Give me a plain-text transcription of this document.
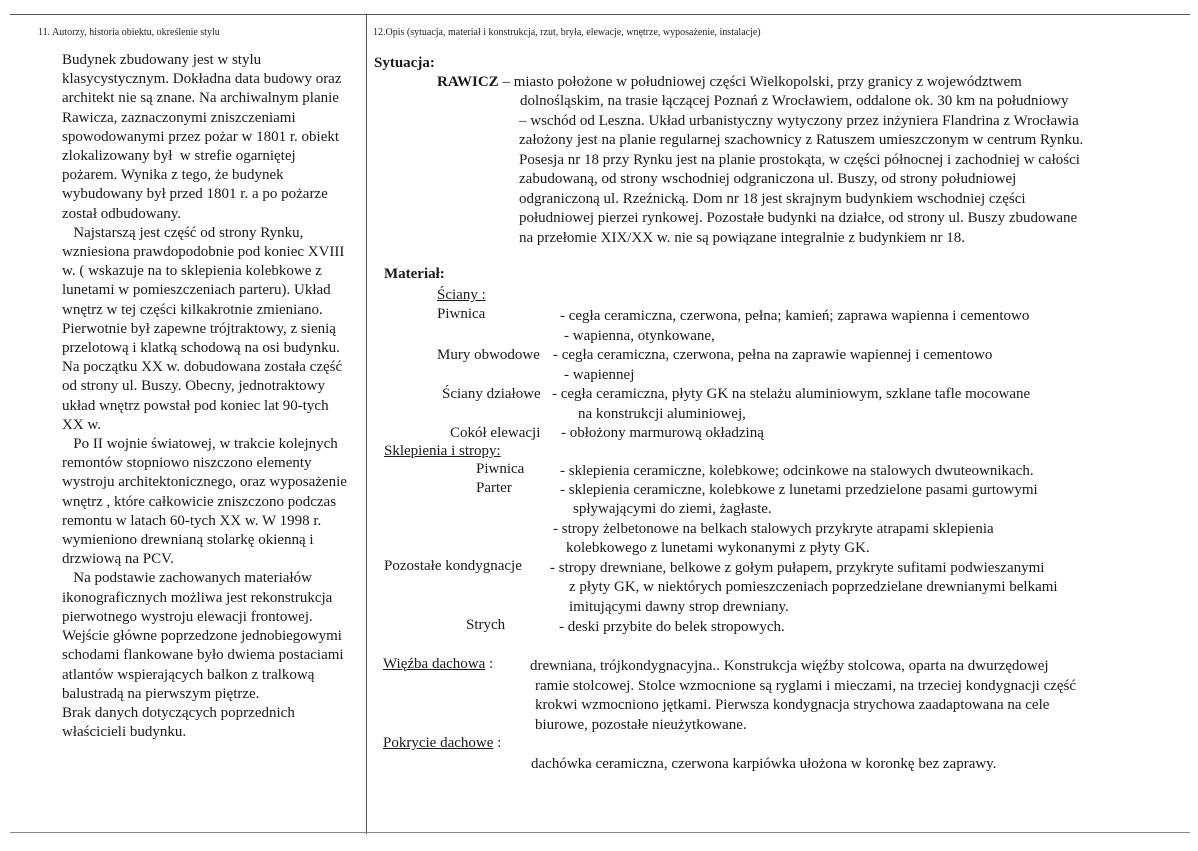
11. Autorzy, historia obiektu, określenie stylu	12.Opis (sytuacja, materiał i konstrukcja, rzut, bryła, elewacje, wnętrze, wyposażenie, instalacje)
Budynek zbudowany jest w stylu
klasycystycznym. Dokładna data budowy oraz
architekt nie są znane. Na archiwalnym planie
Rawicza, zaznaczonymi zniszczeniami
spowodowanymi przez pożar w 1801 r. obiekt
zlokalizowany był  w strefie ogarniętej
pożarem. Wynika z tego, że budynek
wybudowany był przed 1801 r. a po pożarze
został odbudowany.
Najstarszą jest część od strony Rynku,
wzniesiona prawdopodobnie pod koniec XVIII
w. ( wskazuje na to sklepienia kolebkowe z
lunetami w pomieszczeniach parteru). Układ
wnętrz w tej części kilkakrotnie zmieniano.
Pierwotnie był zapewne trójtraktowy, z sienią
przelotową i klatką schodową na osi budynku.
Na początku XX w. dobudowana została część
od strony ul. Buszy. Obecny, jednotraktowy
układ wnętrz powstał pod koniec lat 90-tych
XX w.
Po II wojnie światowej, w trakcie kolejnych
remontów stopniowo niszczono elementy
wystroju architektonicznego, oraz wyposażenie
wnętrz , które całkowicie zniszczono podczas
remontu w latach 60-tych XX w. W 1998 r.
wymieniono drewnianą stolarkę okienną i
drzwiową na PCV.
Na podstawie zachowanych materiałów
ikonograficznych możliwa jest rekonstrukcja
pierwotnego wystroju elewacji frontowej.
Wejście główne poprzedzone jednobiegowymi
schodami flankowane było dwiema postaciami
atlantów wspierających balkon z tralkową
balustradą na pierwszym piętrze.
Brak danych dotyczących poprzednich
właścicieli budynku.
Sytuacja:
RAWICZ – miasto położone w południowej części Wielkopolski, przy granicy z województwem
dolnośląskim, na trasie łączącej Poznań z Wrocławiem, oddalone ok. 30 km na południowy
– wschód od Leszna. Układ urbanistyczny wytyczony przez inżyniera Flandrina z Wrocławia
założony jest na planie regularnej szachownicy z Ratuszem umieszczonym w centrum Rynku.
Posesja nr 18 przy Rynku jest na planie prostokąta, w części północnej i zachodniej w całości
zabudowaną, od strony wschodniej odgraniczona ul. Buszy, od strony południowej
odgraniczoną ul. Rzeźnicką. Dom nr 18 jest skrajnym budynkiem wschodniej części
południowej pierzei rynkowej. Pozostałe budynki na działce, od strony ul. Buszy zbudowane
na przełomie XIX/XX w. nie są powiązane integralnie z budynkiem nr 18.
Materiał:
Ściany :
Piwnica	- cegła ceramiczna, czerwona, pełna; kamień; zaprawa wapienna i cementowo
- wapienna, otynkowane,
Mury obwodowe - cegła ceramiczna, czerwona, pełna na zaprawie wapiennej i cementowo
- wapiennej
Ściany działowe - cegła ceramiczna, płyty GK na stelażu aluminiowym, szklane tafle mocowane
na konstrukcji aluminiowej,
Cokół elewacji - obłożony marmurową okładziną
Sklepienia i stropy:
Piwnica - sklepienia ceramiczne, kolebkowe; odcinkowe na stalowych dwuteownikach.
Parter	- sklepienia ceramiczne, kolebkowe z lunetami przedzielone pasami gurtowymi
spływającymi do ziemi, żagłaste.
- stropy żelbetonowe na belkach stalowych przykryte atrapami sklepienia
kolebkowego z lunetami wykonanymi z płyty GK.
Pozostałe kondygnacje - stropy drewniane, belkowe z gołym pułapem, przykryte sufitami podwieszanymi
z płyty GK, w niektórych pomieszczeniach poprzedzielane drewnianymi belkami
imitującymi dawny strop drewniany.
Strych	- deski przybite do belek stropowych.
Więźba dachowa : drewniana, trójkondygnacyjna.. Konstrukcja więźby stolcowa, oparta na dwurzędowej
ramie stolcowej. Stolce wzmocnione są ryglami i mieczami, na trzeciej kondygnacji część
krokwi wzmocniono jętkami. Pierwsza kondygnacja strychowa zaadaptowana na cele
biurowe, pozostałe nieużytkowane.
Pokrycie dachowe :
dachówka ceramiczna, czerwona karpiówka ułożona w koronkę bez zaprawy.
